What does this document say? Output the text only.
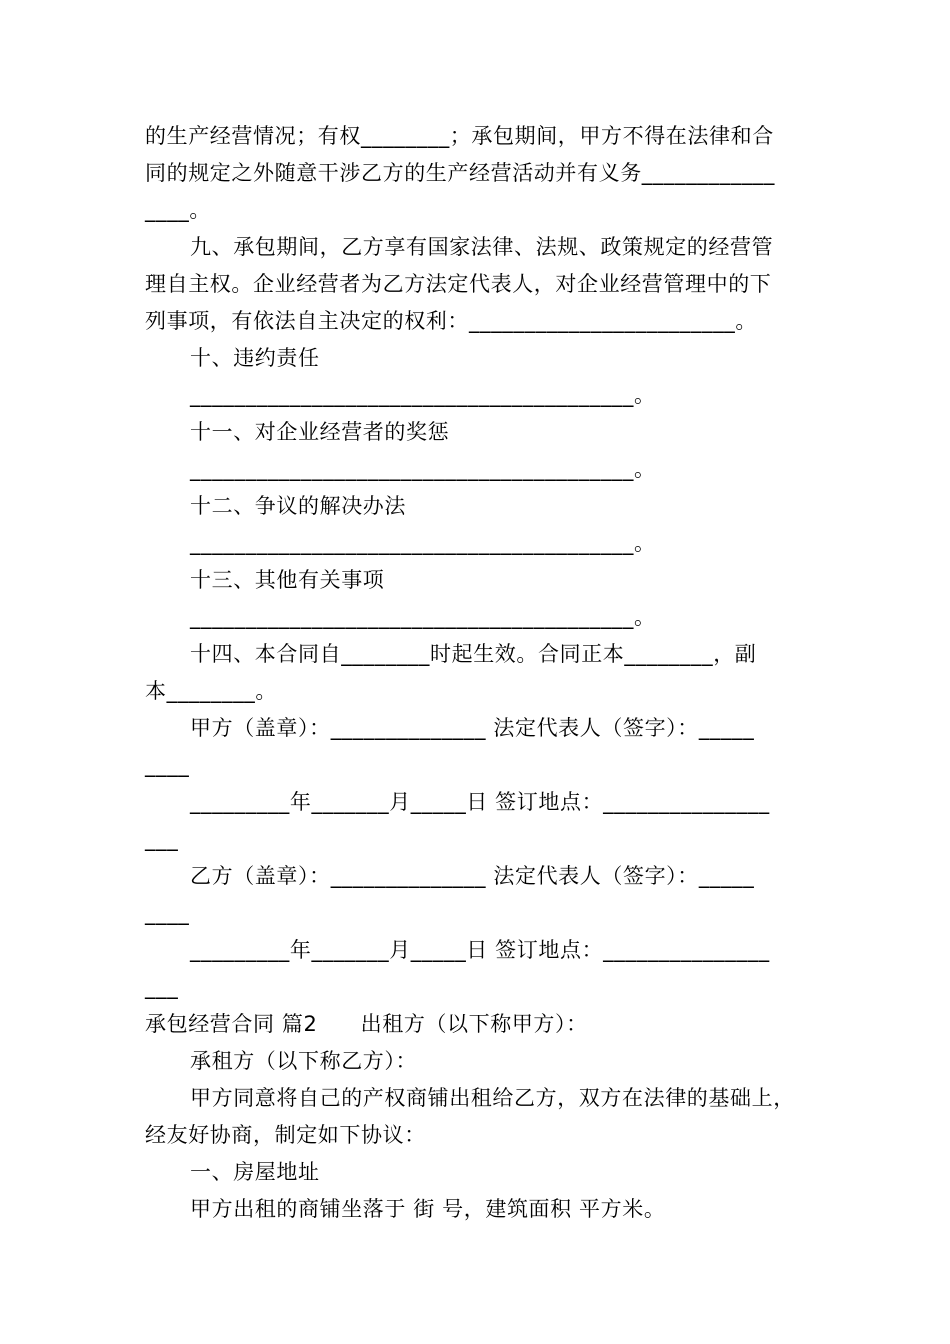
的生产经营情况；有权________；承包期间，甲方不得在法律和合
同的规定之外随意干涉乙方的生产经营活动并有义务____________
____。
九、承包期间，乙方享有国家法律、法规、政策规定的经营管
理自主权。企业经营者为乙方法定代表人，对企业经营管理中的下
列事项，有依法自主决定的权利：________________________。
十、违约责任
________________________________________。
十一、对企业经营者的奖惩
________________________________________。
十二、争议的解决办法
________________________________________。
十三、其他有关事项
________________________________________。
十四、本合同自________时起生效。合同正本________，副
本________。
甲方（盖章）：______________ 法定代表人（签字）：_____
____
_________年_______月_____日 签订地点：_______________
___
乙方（盖章）：______________ 法定代表人（签字）：_____
____
_________年_______月_____日 签订地点：_______________
___
承包经营合同 篇2　　出租方（以下称甲方）：
承租方（以下称乙方）：
甲方同意将自己的产权商铺出租给乙方，双方在法律的基础上，
经友好协商，制定如下协议：
一、房屋地址
甲方出租的商铺坐落于 街 号，建筑面积 平方米。
